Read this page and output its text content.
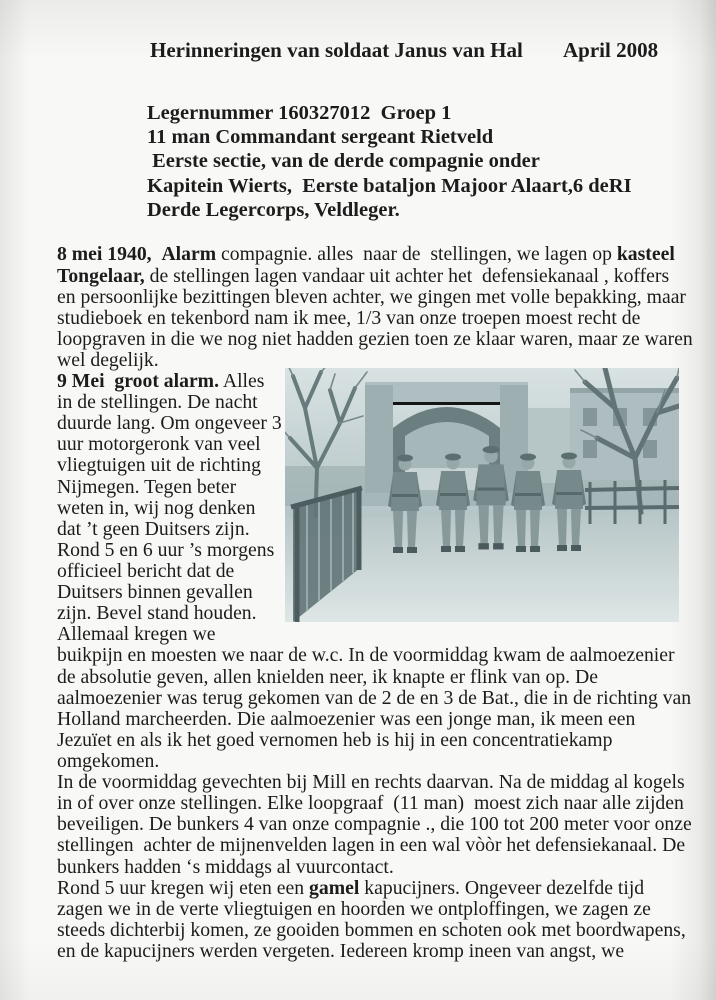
Herinneringen van soldaat Janus van Hal April 2008
Legernummer 160327012  Groep 1
11 man Commandant sergeant Rietveld
Eerste sectie, van de derde compagnie onder
Kapitein Wierts,  Eerste bataljon Majoor Alaart,6 deRI
Derde Legercorps, Veldleger.
8 mei 1940, Alarm compagnie. alles  naar de  stellingen, we lagen op kasteel
Tongelaar, de stellingen lagen vandaar uit achter het  defensiekanaal , koffers
en persoonlijke bezittingen bleven achter, we gingen met volle bepakking, maar
studieboek en tekenbord nam ik mee, 1/3 van onze troepen moest recht de
loopgraven in die we nog niet hadden gezien toen ze klaar waren, maar ze waren
wel degelijk.
9 Mei  groot alarm. Alles
in de stellingen. De nacht
duurde lang. Om ongeveer 3
uur motorgeronk van veel
vliegtuigen uit de richting
Nijmegen. Tegen beter
weten in, wij nog denken
dat ’t geen Duitsers zijn.
Rond 5 en 6 uur ’s morgens
officieel bericht dat de
Duitsers binnen gevallen
zijn. Bevel stand houden.
Allemaal kregen we
buikpijn en moesten we naar de w.c. In de voormiddag kwam de aalmoezenier
de absolutie geven, allen knielden neer, ik knapte er flink van op. De
aalmoezenier was terug gekomen van de 2 de en 3 de Bat., die in de richting van
Holland marcheerden. Die aalmoezenier was een jonge man, ik meen een
Jezuïet en als ik het goed vernomen heb is hij in een concentratiekamp
omgekomen.
In de voormiddag gevechten bij Mill en rechts daarvan. Na de middag al kogels
in of over onze stellingen. Elke loopgraaf  (11 man)  moest zich naar alle zijden
beveiligen. De bunkers 4 van onze compagnie ., die 100 tot 200 meter voor onze
stellingen  achter de mijnenvelden lagen in een wal vòòr het defensiekanaal. De
bunkers hadden ‘s middags al vuurcontact.
Rond 5 uur kregen wij eten een gamel kapucijners. Ongeveer dezelfde tijd
zagen we in de verte vliegtuigen en hoorden we ontploffingen, we zagen ze
steeds dichterbij komen, ze gooiden bommen en schoten ook met boordwapens,
en de kapucijners werden vergeten. Iedereen kromp ineen van angst, we
